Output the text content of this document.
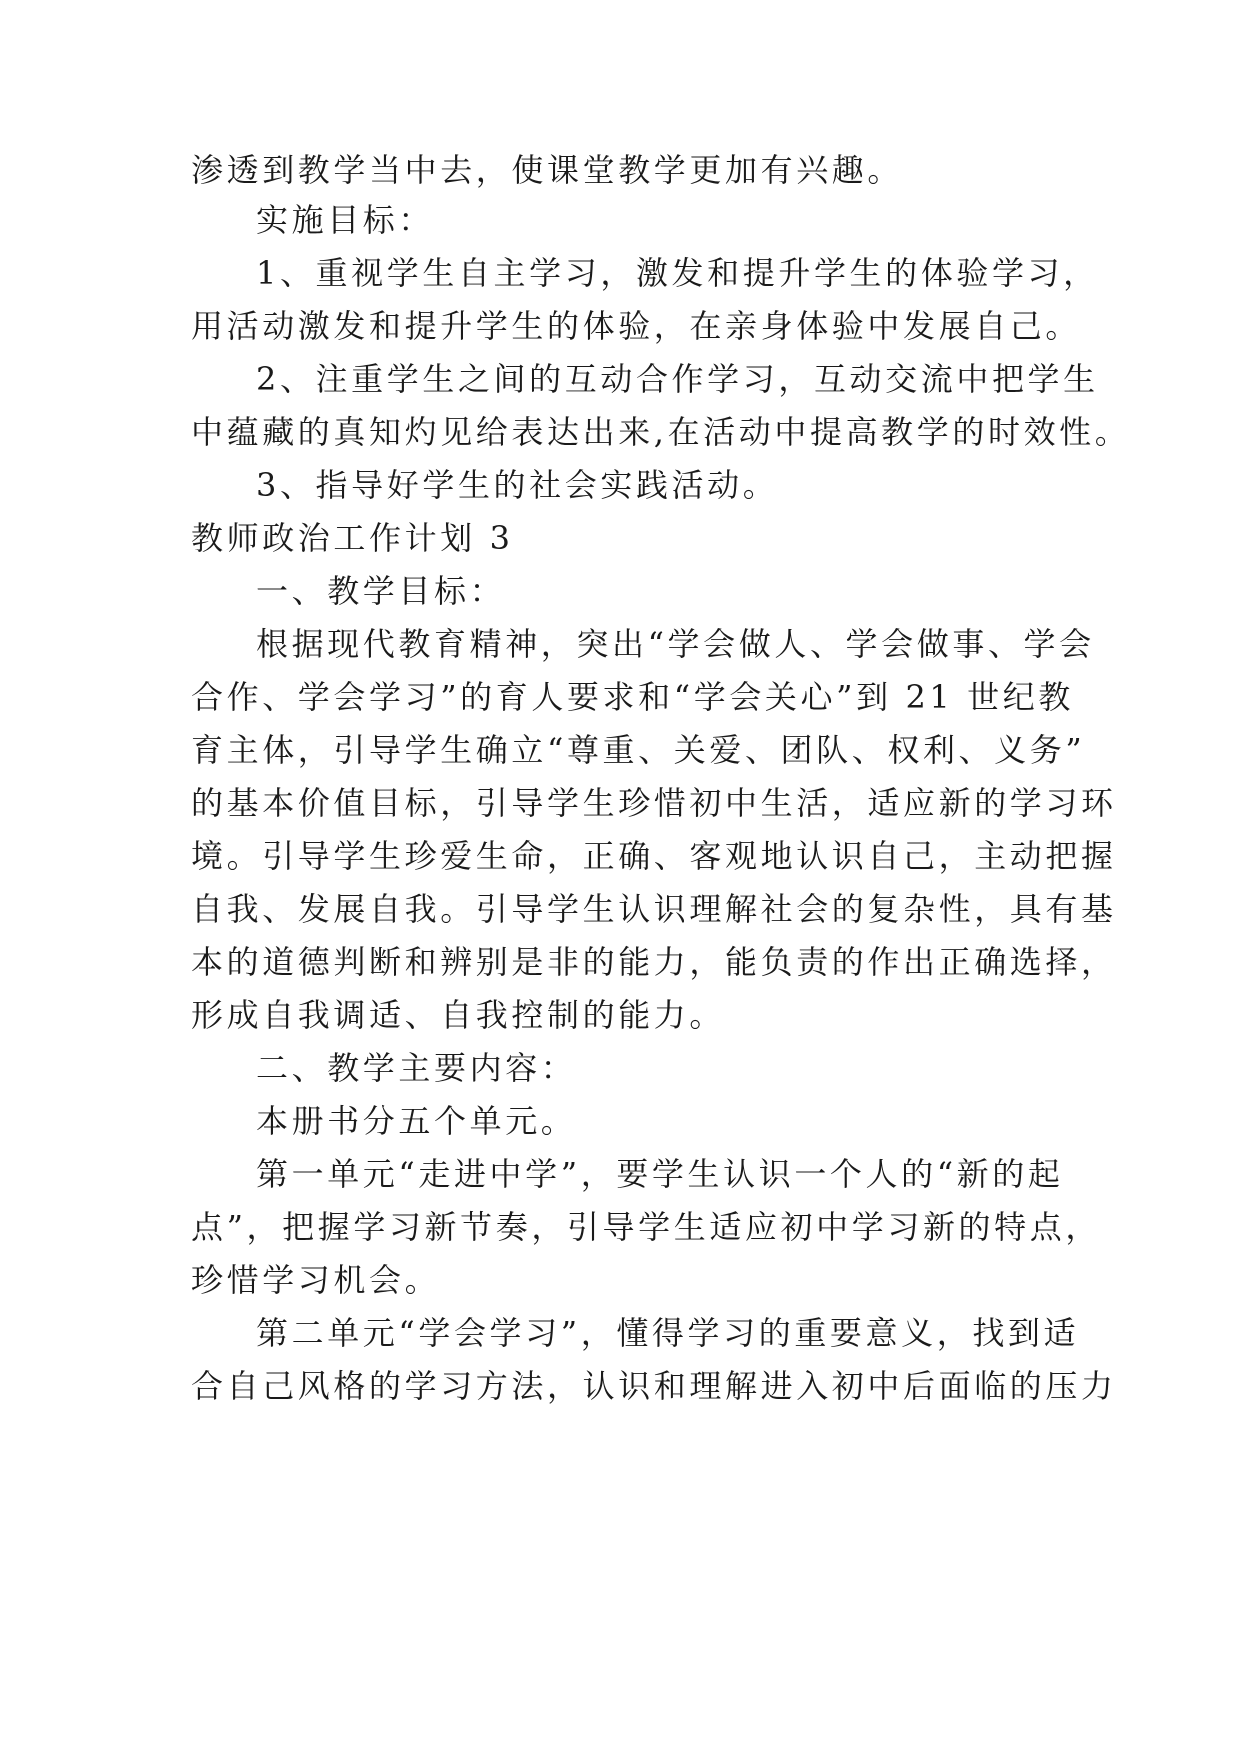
渗透到教学当中去，使课堂教学更加有兴趣。
实施目标：
1、重视学生自主学习，激发和提升学生的体验学习，
用活动激发和提升学生的体验，在亲身体验中发展自己。
2、注重学生之间的互动合作学习，互动交流中把学生
中蕴藏的真知灼见给表达出来,在活动中提高教学的时效性。
3、指导好学生的社会实践活动。
教师政治工作计划 3
一、教学目标：
根据现代教育精神，突出“学会做人、学会做事、学会
合作、学会学习”的育人要求和“学会关心”到 21 世纪教
育主体，引导学生确立“尊重、关爱、团队、权利、义务”
的基本价值目标，引导学生珍惜初中生活，适应新的学习环
境。引导学生珍爱生命，正确、客观地认识自己，主动把握
自我、发展自我。引导学生认识理解社会的复杂性，具有基
本的道德判断和辨别是非的能力，能负责的作出正确选择，
形成自我调适、自我控制的能力。
二、教学主要内容：
本册书分五个单元。
第一单元“走进中学”，要学生认识一个人的“新的起
点”，把握学习新节奏，引导学生适应初中学习新的特点，
珍惜学习机会。
第二单元“学会学习”，懂得学习的重要意义，找到适
合自己风格的学习方法，认识和理解进入初中后面临的压力
